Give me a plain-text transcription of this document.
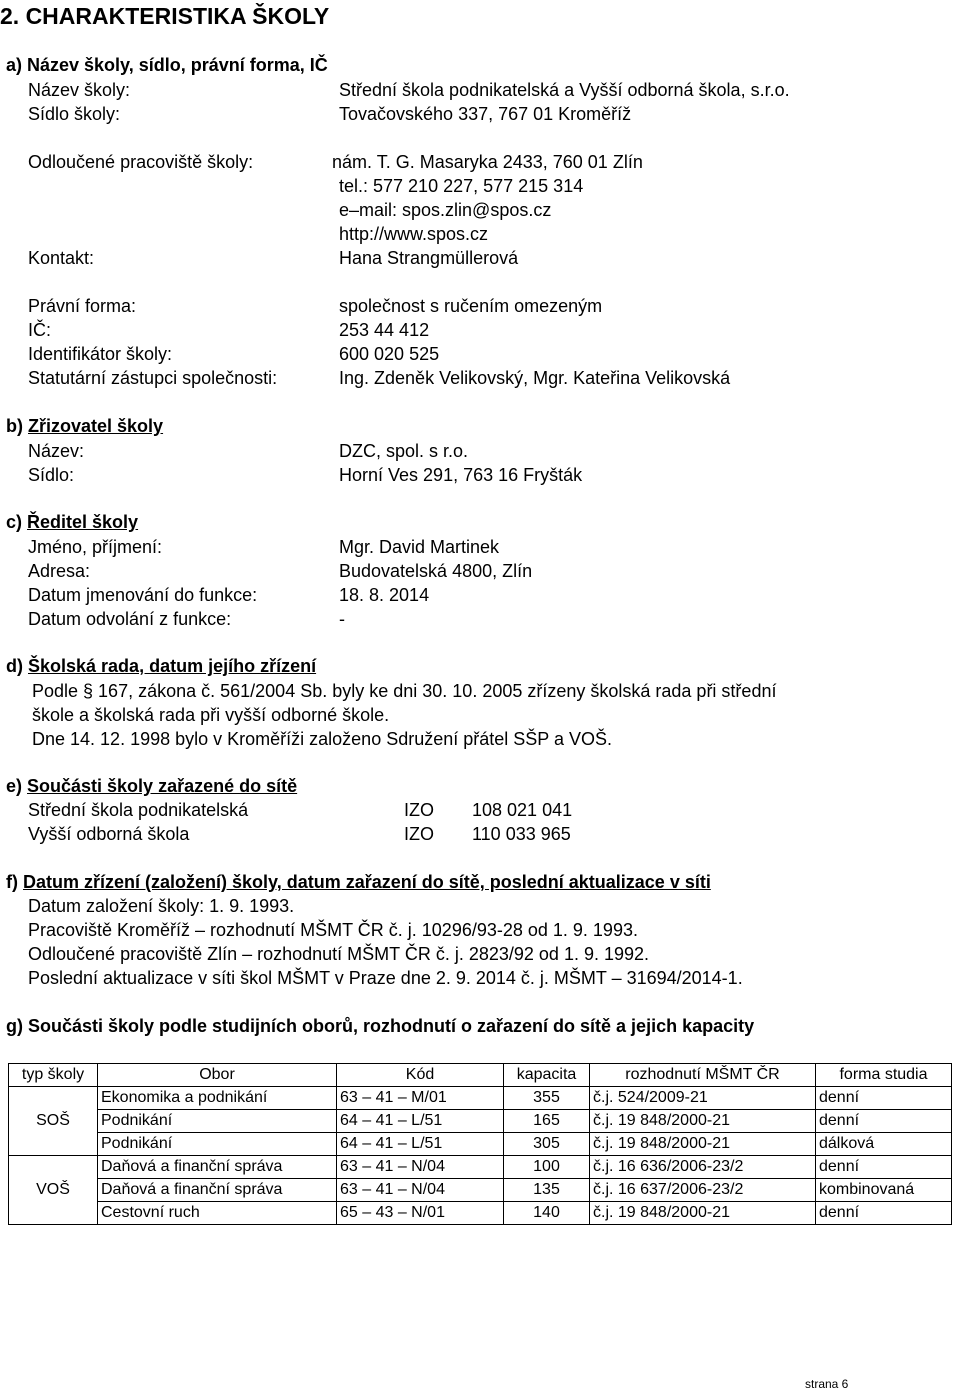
2. CHARAKTERISTIKA ŠKOLY
a) Název školy, sídlo, právní forma, IČ
Název školy:	Střední škola podnikatelská a Vyšší odborná škola, s.r.o.
Sídlo školy:	Tovačovského 337, 767 01 Kroměříž
Odloučené pracoviště školy:	nám. T. G. Masaryka 2433, 760 01 Zlín
tel.: 577 210 227, 577 215 314
e–mail: spos.zlin@spos.cz
http://www.spos.cz
Kontakt:	Hana Strangmüllerová
Právní forma:	společnost s ručením omezeným
IČ:	253 44 412
Identifikátor školy:	600 020 525
Statutární zástupci společnosti:	Ing. Zdeněk Velikovský, Mgr. Kateřina Velikovská
b) Zřizovatel školy
Název:	DZC, spol. s r.o.
Sídlo:	Horní Ves 291, 763 16 Fryšták
c) Ředitel školy
Jméno, příjmení:	Mgr. David Martinek
Adresa:	Budovatelská 4800, Zlín
Datum jmenování do funkce:	18. 8. 2014
Datum odvolání z funkce:	-
d) Školská rada, datum jejího zřízení
Podle § 167, zákona č. 561/2004 Sb. byly ke dni 30. 10. 2005 zřízeny školská rada při střední
škole a školská rada při vyšší odborné škole.
Dne 14. 12. 1998 bylo v Kroměříži založeno Sdružení přátel SŠP a VOŠ.
e) Součásti školy zařazené do sítě
Střední škola podnikatelská	IZO 108 021 041
Vyšší odborná škola	IZO 110 033 965
f) Datum zřízení (založení) školy, datum zařazení do sítě, poslední aktualizace v síti
Datum založení školy: 1. 9. 1993.
Pracoviště Kroměříž – rozhodnutí MŠMT ČR č. j. 10296/93-28 od 1. 9. 1993.
Odloučené pracoviště Zlín – rozhodnutí MŠMT ČR č. j. 2823/92 od 1. 9. 1992.
Poslední aktualizace v síti škol MŠMT v Praze dne 2. 9. 2014 č. j. MŠMT – 31694/2014-1.
g) Součásti školy podle studijních oborů, rozhodnutí o zařazení do sítě a jejich kapacity
typ školy	Obor	Kód	kapacita	rozhodnutí MŠMT ČR	forma studia
SOŠ	Ekonomika a podnikání	63 – 41 – M/01	355	č.j. 524/2009-21	denní
	Podnikání	64 – 41 – L/51	165	č.j. 19 848/2000-21	denní
	Podnikání	64 – 41 – L/51	305	č.j. 19 848/2000-21	dálková
VOŠ	Daňová a finanční správa	63 – 41 – N/04	100	č.j. 16 636/2006-23/2	denní
	Daňová a finanční správa	63 – 41 – N/04	135	č.j. 16 637/2006-23/2	kombinovaná
	Cestovní ruch	65 – 43 – N/01	140	č.j. 19 848/2000-21	denní
strana 6
